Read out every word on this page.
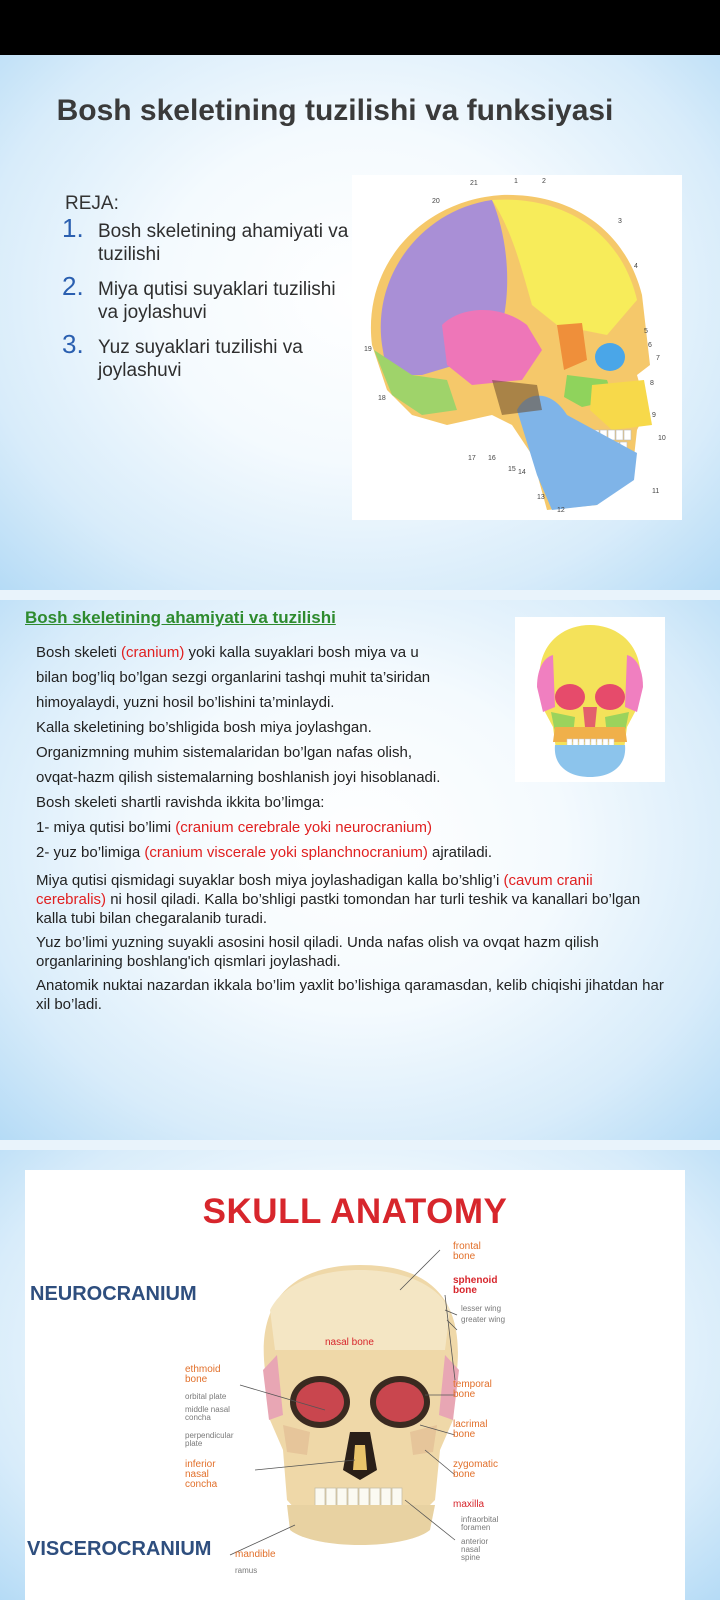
Bosh skeletining tuzilishi va funksiyasi
REJA:
1. Bosh skeletining ahamiyati va tuzilishi
2. Miya qutisi suyaklari tuzilishi va joylashuvi
3. Yuz suyaklari tuzilishi va joylashuvi
21	1	2
20
3
4
5
6
7
8
9
10
19
18
17 16
15 14
13
12
11
Bosh skeletining ahamiyati va tuzilishi

Bosh skeleti (cranium) yoki kalla suyaklari bosh miya va u

bilan bog’liq bo’lgan sezgi organlarini tashqi muhit ta’siridan

himoyalaydi, yuzni hosil bo’lishini ta’minlaydi.

Kalla skeletining bo’shligida bosh miya joylashgan.

Organizmning muhim sistemalaridan bo’lgan nafas olish,

ovqat-hazm qilish sistemalarning boshlanish joyi hisoblanadi.

Bosh skeleti shartli ravishda ikkita bo’limga:

1- miya qutisi bo’limi (cranium cerebrale yoki neurocranium)

2- yuz bo’limiga (cranium viscerale yoki splanchnocranium) ajratiladi.

Miya qutisi qismidagi suyaklar bosh miya joylashadigan kalla bo’shlig’i (cavum cranii cerebralis) ni hosil qiladi. Kalla bo’shligi pastki tomondan har turli teshik va kanallari bo’lgan kalla tubi bilan chegaralanib turadi.

Yuz bo’limi yuzning suyakli asosini hosil qiladi. Unda nafas olish va ovqat hazm qilish organlarining boshlang'ich qismlari joylashadi.

Anatomik nuktai nazardan ikkala bo’lim yaxlit bo’lishiga qaramasdan, kelib chiqishi jihatdan har xil bo’ladi.

SKULL ANATOMY
NEUROCRANIUM
VISCEROCRANIUM
frontal bone
sphenoid bone
lesser wing
greater wing
nasal bone
ethmoid bone
orbital plate
middle nasal concha
perpendicular plate
inferior nasal concha
temporal bone
lacrimal bone
zygomatic bone
maxilla
infraorbital foramen
anterior nasal spine
mandible
ramus
